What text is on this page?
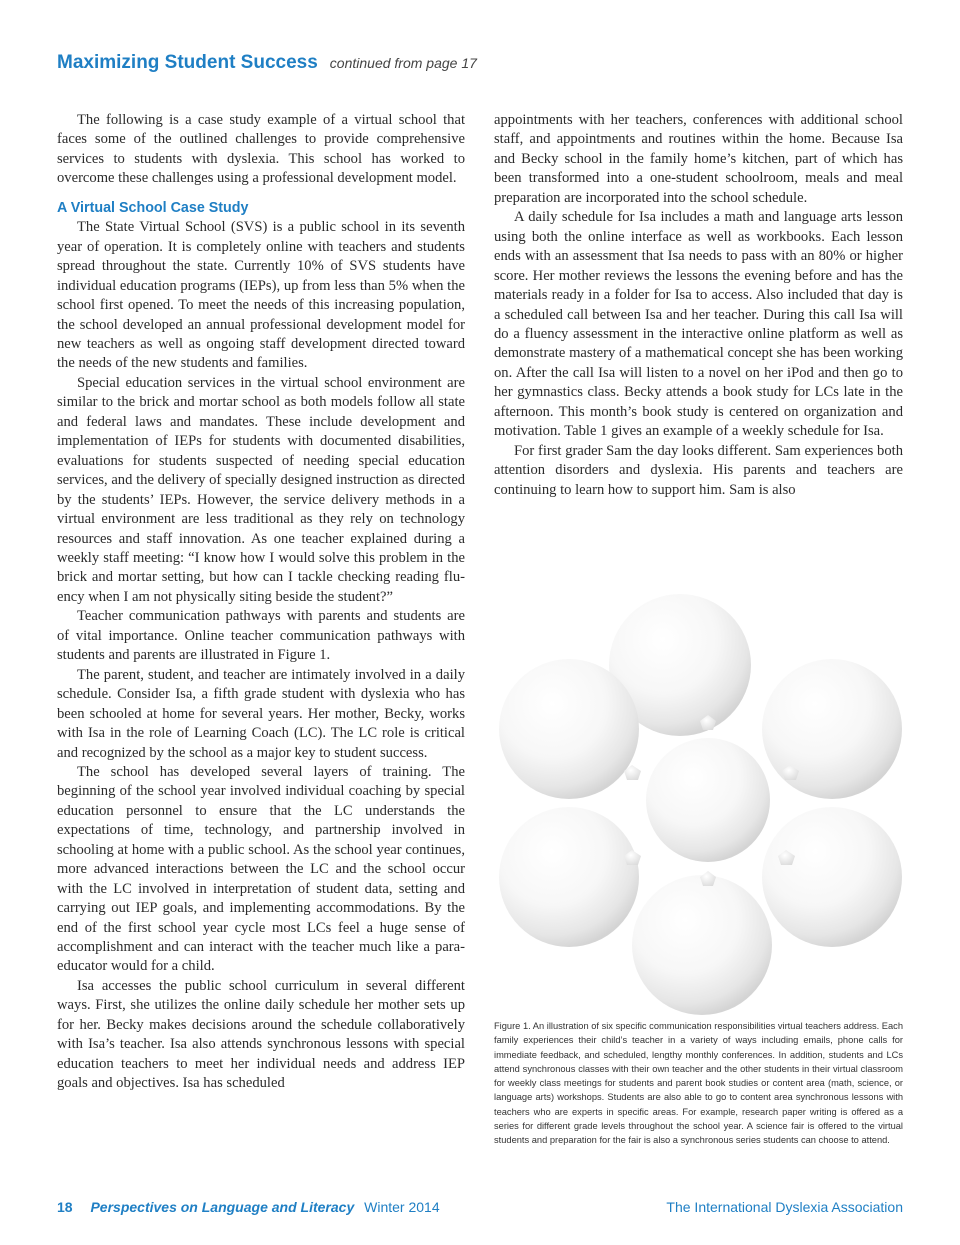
Maximizing Student Success continued from page 17

The following is a case study example of a virtual school that faces some of the outlined challenges to provide comprehensive services to students with dyslexia. This school has worked to overcome these challenges using a professional development model.

A Virtual School Case Study

The State Virtual School (SVS) is a public school in its seventh year of operation. It is completely online with teachers and students spread throughout the state. Currently 10% of SVS students have individual education programs (IEPs), up from less than 5% when the school first opened. To meet the needs of this increasing population, the school developed an annual professional development model for new teachers as well as ongoing staff development directed toward the needs of the new students and families.

Special education services in the virtual school environment are similar to the brick and mortar school as both models follow all state and federal laws and mandates. These include development and implementation of IEPs for students with documented disabilities, evaluations for students suspected of needing special education services, and the delivery of specially designed instruction as directed by the students’ IEPs. However, the service delivery methods in a virtual environment are less traditional as they rely on technology resources and staff innovation. As one teacher explained during a weekly staff meeting: “I know how I would solve this problem in the brick and mortar setting, but how can I tackle checking reading fluency when I am not physically siting beside the student?”

Teacher communication pathways with parents and students are of vital importance. Online teacher communication pathways with students and parents are illustrated in Figure 1.

The parent, student, and teacher are intimately involved in a daily schedule. Consider Isa, a fifth grade student with dyslexia who has been schooled at home for several years. Her mother, Becky, works with Isa in the role of Learning Coach (LC). The LC role is critical and recognized by the school as a major key to student success.

The school has developed several layers of training. The beginning of the school year involved individual coaching by special education personnel to ensure that the LC understands the expectations of time, technology, and partnership involved in schooling at home with a public school. As the school year continues, more advanced interactions between the LC and the school occur with the LC involved in interpretation of student data, setting and carrying out IEP goals, and implementing accommodations. By the end of the first school year cycle most LCs feel a huge sense of accomplishment and can interact with the teacher much like a para-educator would for a child.

Isa accesses the public school curriculum in several different ways. First, she utilizes the online daily schedule her mother sets up for her. Becky makes decisions around the schedule collaboratively with Isa’s teacher. Isa also attends synchronous lessons with special education teachers to meet her individual needs and address IEP goals and objectives. Isa has scheduled

appointments with her teachers, conferences with additional school staff, and appointments and routines within the home. Because Isa and Becky school in the family home’s kitchen, part of which has been transformed into a one-student schoolroom, meals and meal preparation are incorporated into the school schedule.

A daily schedule for Isa includes a math and language arts lesson using both the online interface as well as workbooks. Each lesson ends with an assessment that Isa needs to pass with an 80% or higher score. Her mother reviews the lessons the evening before and has the materials ready in a folder for Isa to access. Also included that day is a scheduled call between Isa and her teacher. During this call Isa will do a fluency assessment in the interactive online platform as well as demonstrate mastery of a mathematical concept she has been working on. After the call Isa will listen to a novel on her iPod and then go to her gymnastics class. Becky attends a book study for LCs late in the afternoon. This month’s book study is centered on organization and motivation. Table 1 gives an example of a weekly schedule for Isa.

For first grader Sam the day looks different. Sam experiences both attention disorders and dyslexia. His parents and teachers are continuing to learn how to support him. Sam is also

Figure 1. An illustration of six specific communication responsibilities virtual teachers address. Each family experiences their child’s teacher in a variety of ways including emails, phone calls for immediate feedback, and scheduled, lengthy monthly conferences. In addition, students and LCs attend synchronous classes with their own teacher and the other students in their virtual classroom for weekly class meetings for students and parent book studies or content area (math, science, or language arts) workshops. Students are also able to go to content area synchronous lessons with teachers who are experts in specific areas. For example, research paper writing is offered as a series for different grade levels throughout the school year. A science fair is offered to the virtual students and preparation for the fair is also a synchronous series students can choose to attend.
18 Perspectives on Language and Literacy Winter 2014	The International Dyslexia Association
